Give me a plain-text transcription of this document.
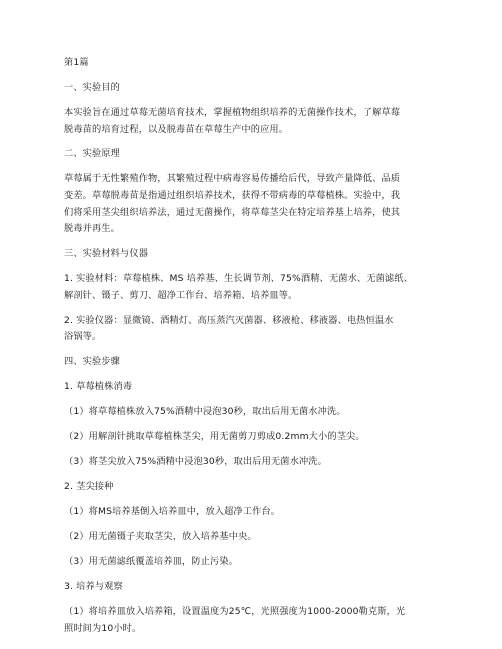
第1篇
一、实验目的
本实验旨在通过草莓无菌培育技术，掌握植物组织培养的无菌操作技术，了解草莓
脱毒苗的培育过程，以及脱毒苗在草莓生产中的应用。
二、实验原理
草莓属于无性繁殖作物，其繁殖过程中病毒容易传播给后代，导致产量降低、品质
变差。草莓脱毒苗是指通过组织培养技术，获得不带病毒的草莓植株。实验中，我
们将采用茎尖组织培养法，通过无菌操作，将草莓茎尖在特定培养基上培养，使其
脱毒并再生。
三、实验材料与仪器
1. 实验材料：草莓植株、MS 培养基、生长调节剂、75%酒精、无菌水、无菌滤纸、
解剖针、镊子、剪刀、超净工作台、培养箱、培养皿等。
2. 实验仪器：显微镜、酒精灯、高压蒸汽灭菌器、移液枪、移液器、电热恒温水
浴锅等。
四、实验步骤
1. 草莓植株消毒
（1）将草莓植株放入75%酒精中浸泡30秒，取出后用无菌水冲洗。
（2）用解剖针挑取草莓植株茎尖，用无菌剪刀剪成0.2mm大小的茎尖。
（3）将茎尖放入75%酒精中浸泡30秒，取出后用无菌水冲洗。
2. 茎尖接种
（1）将MS培养基倒入培养皿中，放入超净工作台。
（2）用无菌镊子夹取茎尖，放入培养基中央。
（3）用无菌滤纸覆盖培养皿，防止污染。
3. 培养与观察
（1）将培养皿放入培养箱，设置温度为25℃，光照强度为1000-2000勒克斯，光
照时间为10小时。
